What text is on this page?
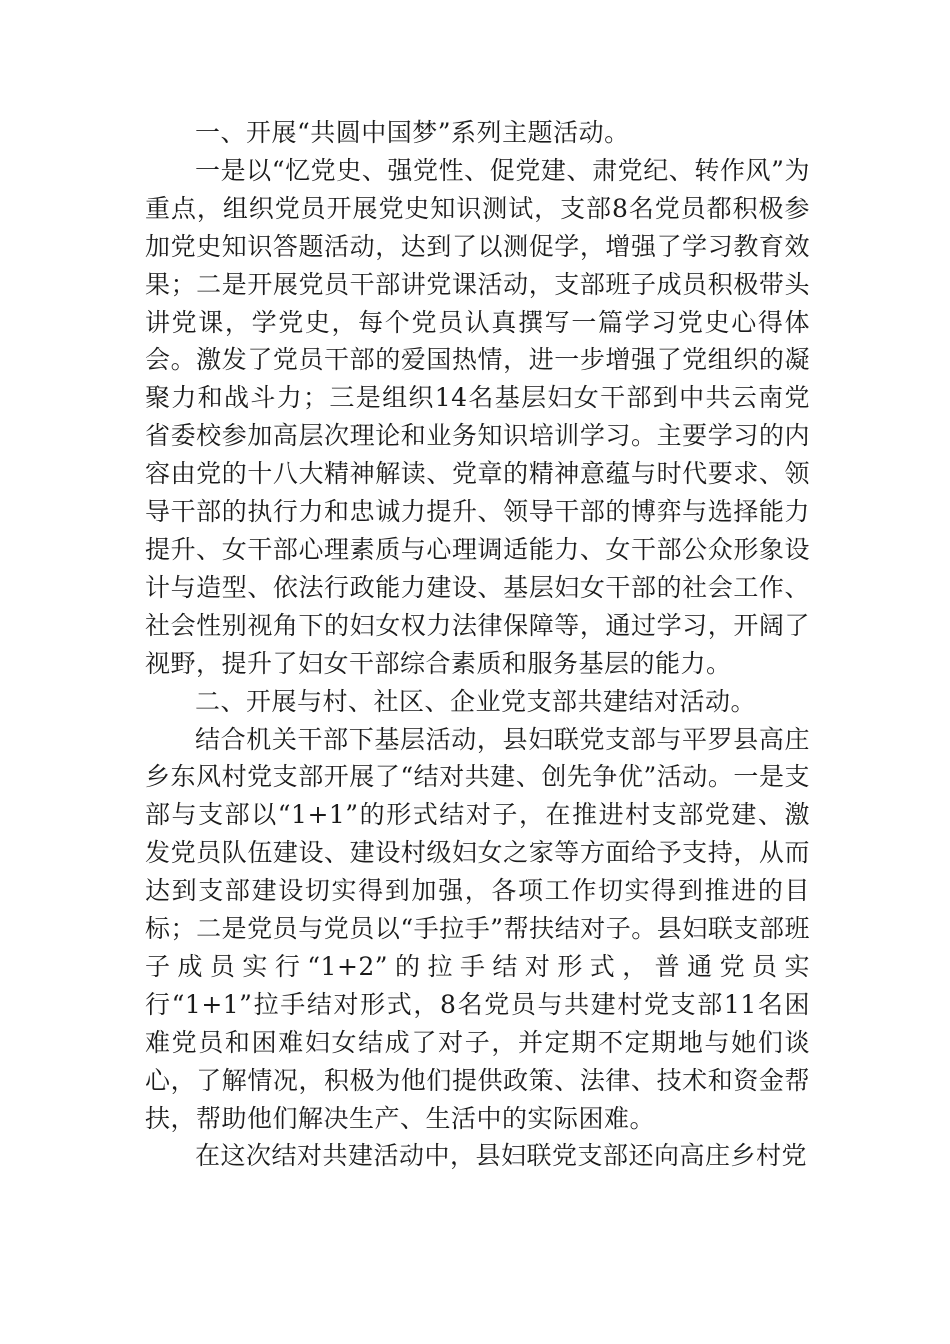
一、开展“共圆中国梦”系列主题活动。

一是以“忆党史、强党性、促党建、肃党纪、转作风”为重点，组织党员开展党史知识测试，支部8名党员都积极参加党史知识答题活动，达到了以测促学，增强了学习教育效果；二是开展党员干部讲党课活动，支部班子成员积极带头讲党课，学党史，每个党员认真撰写一篇学习党史心得体会。激发了党员干部的爱国热情，进一步增强了党组织的凝聚力和战斗力；三是组织14名基层妇女干部到中共云南党省委校参加高层次理论和业务知识培训学习。主要学习的内容由党的十八大精神解读、党章的精神意蕴与时代要求、领导干部的执行力和忠诚力提升、领导干部的博弈与选择能力提升、女干部心理素质与心理调适能力、女干部公众形象设计与造型、依法行政能力建设、基层妇女干部的社会工作、社会性别视角下的妇女权力法律保障等，通过学习，开阔了视野，提升了妇女干部综合素质和服务基层的能力。

二、开展与村、社区、企业党支部共建结对活动。

结合机关干部下基层活动，县妇联党支部与平罗县高庄乡东风村党支部开展了“结对共建、创先争优”活动。一是支部与支部以“1+1”的形式结对子，在推进村支部党建、激发党员队伍建设、建设村级妇女之家等方面给予支持，从而达到支部建设切实得到加强，各项工作切实得到推进的目标；二是党员与党员以“手拉手”帮扶结对子。县妇联支部班子成员实行“1+2”的拉手结对形式，普通党员实行“1+1”拉手结对形式，8名党员与共建村党支部11名困难党员和困难妇女结成了对子，并定期不定期地与她们谈心，了解情况，积极为他们提供政策、法律、技术和资金帮扶，帮助他们解决生产、生活中的实际困难。

在这次结对共建活动中，县妇联党支部还向高庄乡村党
